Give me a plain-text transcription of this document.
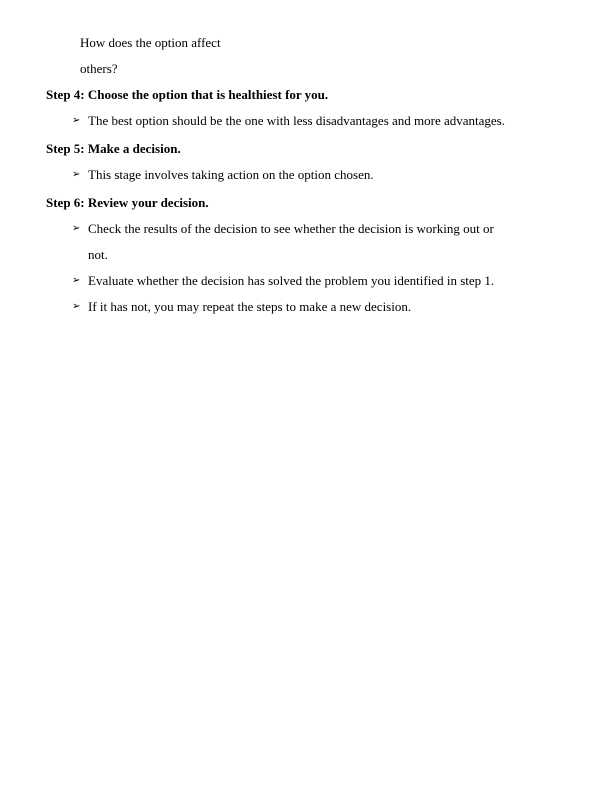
How does the option affect
others?
Step 4: Choose the option that is healthiest for you.
➢ The best option should be the one with less disadvantages and more advantages.
Step 5: Make a decision.
➢ This stage involves taking action on the option chosen.
Step 6: Review your decision.
➢ Check the results of the decision to see whether the decision is working out or
not.
➢ Evaluate whether the decision has solved the problem you identified in step 1.
➢ If it has not, you may repeat the steps to make a new decision.
